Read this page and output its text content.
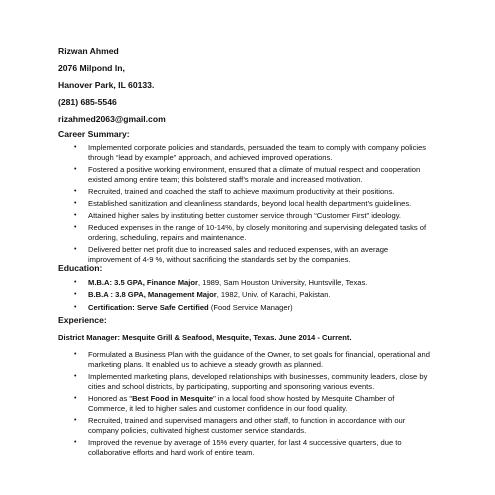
Rizwan Ahmed
2076 Milpond ln,
Hanover Park, IL 60133.
(281) 685-5546
rizahmed2063@gmail.com
Career Summary:
• Implemented corporate policies and standards, persuaded the team to comply with company policies through “lead by example” approach, and achieved improved operations.
• Fostered a positive working environment, ensured that a climate of mutual respect and cooperation existed among entire team; this bolstered staff’s morale and increased motivation.
• Recruited, trained and coached the staff to achieve maximum productivity at their positions.
• Established sanitization and cleanliness standards, beyond local health department’s guidelines.
• Attained higher sales by instituting better customer service through “Customer First” ideology.
• Reduced expenses in the range of 10-14%, by closely monitoring and supervising delegated tasks of ordering, scheduling, repairs and maintenance.
• Delivered better net profit due to increased sales and reduced expenses, with an average improvement of 4-9 %, without sacrificing the standards set by the companies.
Education:
• M.B.A: 3.5 GPA, Finance Major, 1989, Sam Houston University, Huntsville, Texas.
• B.B.A : 3.8 GPA, Management Major, 1982, Univ. of Karachi, Pakistan.
• Certification: Serve Safe Certified (Food Service Manager)
Experience:
District Manager: Mesquite Grill & Seafood, Mesquite, Texas. June 2014 - Current.
• Formulated a Business Plan with the guidance of the Owner, to set goals for financial, operational and marketing plans. It enabled us to achieve a steady growth as planned.
• Implemented marketing plans, developed relationships with businesses, community leaders, close by cities and school districts, by participating, supporting and sponsoring various events.
• Honored as "Best Food in Mesquite" in a local food show hosted by Mesquite Chamber of Commerce, it led to higher sales and customer confidence in our food quality.
• Recruited, trained and supervised managers and other staff, to function in accordance with our company policies, cultivated highest customer service standards.
• Improved the revenue by average of 15% every quarter, for last 4 successive quarters, due to collaborative efforts and hard work of entire team.
